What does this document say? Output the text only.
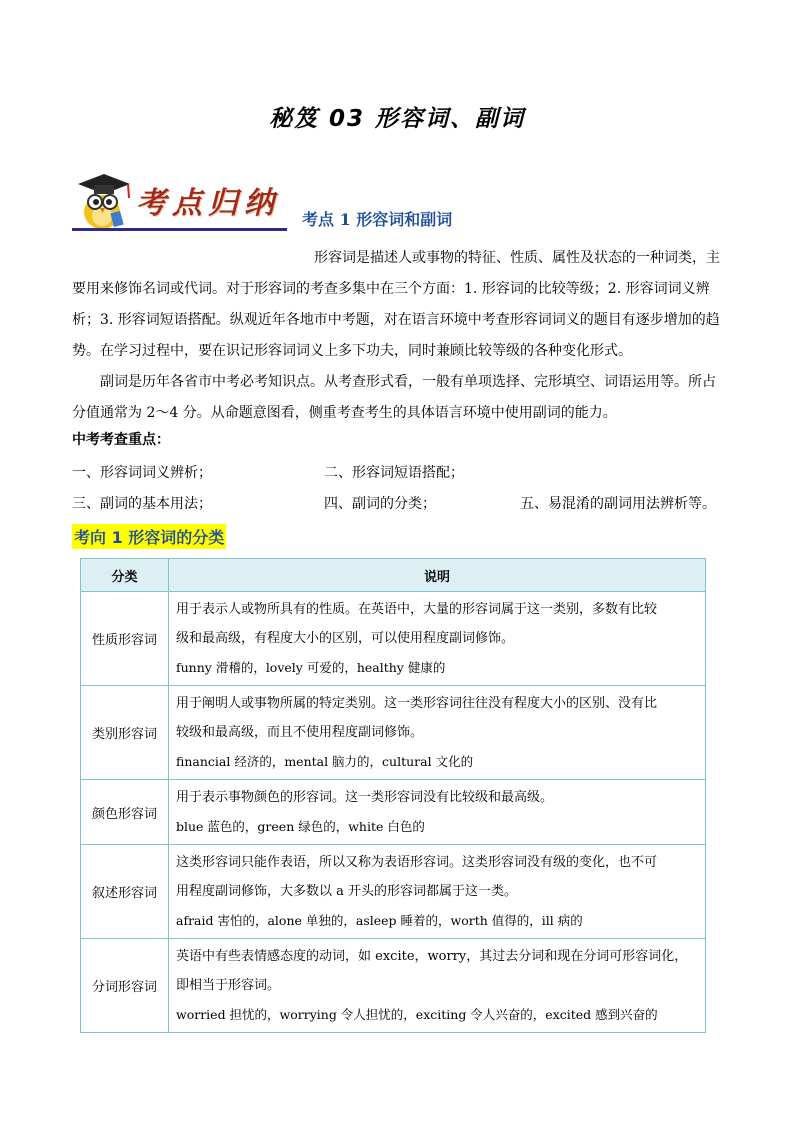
秘笈 03 形容词、副词
考点归纳 考点 1 形容词和副词

形容词是描述人或事物的特征、性质、属性及状态的一种词类，主

要用来修饰名词或代词。对于形容词的考查多集中在三个方面：1. 形容词的比较等级；2. 形容词词义辨

析；3. 形容词短语搭配。纵观近年各地市中考题，对在语言环境中考查形容词词义的题目有逐步增加的趋

势。在学习过程中，要在识记形容词词义上多下功夫，同时兼顾比较等级的各种变化形式。

副词是历年各省市中考必考知识点。从考查形式看，一般有单项选择、完形填空、词语运用等。所占

分值通常为 2～4 分。从命题意图看，侧重考查考生的具体语言环境中使用副词的能力。

中考考查重点：
一、形容词词义辨析；	二、形容词短语搭配；
三、副词的基本用法；	四、副词的分类；	五、易混淆的副词用法辨析等。
考向 1 形容词的分类
分类	说明
性质形容词	用于表示人或物所具有的性质。在英语中，大量的形容词属于这一类别，多数有比较
级和最高级，有程度大小的区别，可以使用程度副词修饰。
funny 滑稽的，lovely 可爱的，healthy 健康的

类别形容词	用于阐明人或事物所属的特定类别。这一类形容词往往没有程度大小的区别、没有比
较级和最高级，而且不使用程度副词修饰。
financial 经济的，mental 脑力的，cultural 文化的

颜色形容词	用于表示事物颜色的形容词。这一类形容词没有比较级和最高级。
blue 蓝色的，green 绿色的，white 白色的

叙述形容词	这类形容词只能作表语，所以又称为表语形容词。这类形容词没有级的变化，也不可
用程度副词修饰，大多数以 a 开头的形容词都属于这一类。
afraid 害怕的，alone 单独的，asleep 睡着的，worth 值得的，ill 病的

分词形容词	英语中有些表情感态度的动词，如 excite，worry，其过去分词和现在分词可形容词化，
即相当于形容词。
worried 担忧的，worrying 令人担忧的，exciting 令人兴奋的，excited 感到兴奋的
